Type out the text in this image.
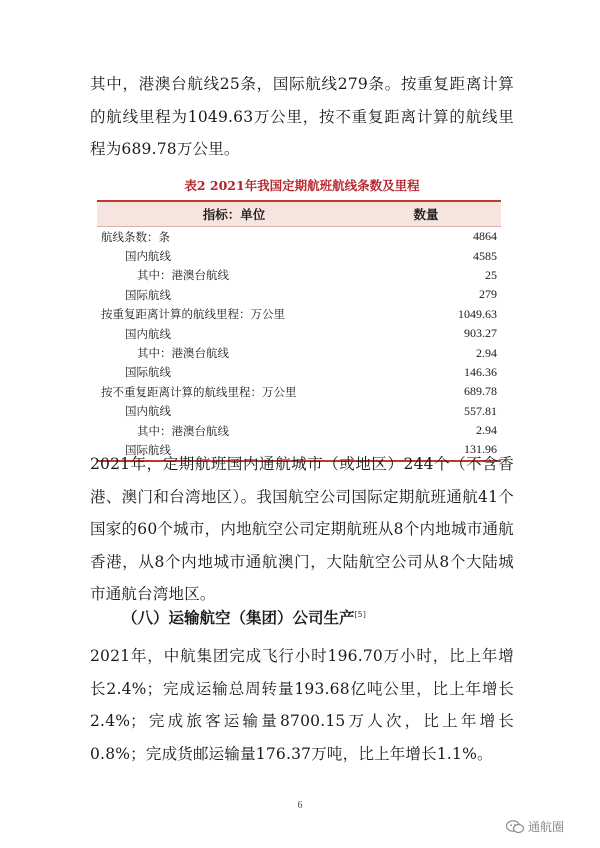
其中，港澳台航线25条，国际航线279条。按重复距离计算的航线里程为1049.63万公里，按不重复距离计算的航线里程为689.78万公里。

表2 2021年我国定期航班航线条数及里程

指标：单位	数量
航线条数：条	4864
国内航线	4585
其中：港澳台航线	25
国际航线	279
按重复距离计算的航线里程：万公里	1049.63
国内航线	903.27
其中：港澳台航线	2.94
国际航线	146.36
按不重复距离计算的航线里程：万公里	689.78
国内航线	557.81
其中：港澳台航线	2.94
国际航线	131.96

2021年，定期航班国内通航城市（或地区）244个（不含香港、澳门和台湾地区）。我国航空公司国际定期航班通航41个国家的60个城市，内地航空公司定期航班从8个内地城市通航香港，从8个内地城市通航澳门，大陆航空公司从8个大陆城市通航台湾地区。

（八）运输航空（集团）公司生产[5]

2021年，中航集团完成飞行小时196.70万小时，比上年增长2.4%；完成运输总周转量193.68亿吨公里，比上年增长2.4%；完成旅客运输量8700.15万人次，比上年增长0.8%；完成货邮运输量176.37万吨，比上年增长1.1%。

6
通航圈
